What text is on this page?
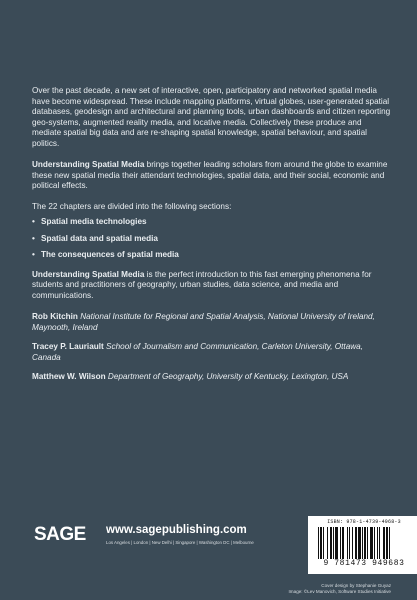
Over the past decade, a new set of interactive, open, participatory and networked spatial media have become widespread. These include mapping platforms, virtual globes, user-generated spatial databases, geodesign and architectural and planning tools, urban dashboards and citizen reporting geo-systems, augmented reality media, and locative media. Collectively these produce and mediate spatial big data and are re-shaping spatial knowledge, spatial behaviour, and spatial politics.

Understanding Spatial Media brings together leading scholars from around the globe to examine these new spatial media their attendant technologies, spatial data, and their social, economic and political effects.

The 22 chapters are divided into the following sections:

• Spatial media technologies
• Spatial data and spatial media
• The consequences of spatial media

Understanding Spatial Media is the perfect introduction to this fast emerging phenomena for students and practitioners of geography, urban studies, data science, and media and communications.

Rob Kitchin National Institute for Regional and Spatial Analysis, National University of Ireland, Maynooth, Ireland

Tracey P. Lauriault School of Journalism and Communication, Carleton University, Ottawa, Canada

Matthew W. Wilson Department of Geography, University of Kentucky, Lexington, USA

SAGE www.sagepublishing.com
Los Angeles | London | New Delhi | Singapore | Washington DC | Melbourne
ISBN: 978-1-4739-4968-3
9 781473 949683
Cover design by Stephanie Guyaz
Image: ©Lev Manovich, Software Studies Initiative
